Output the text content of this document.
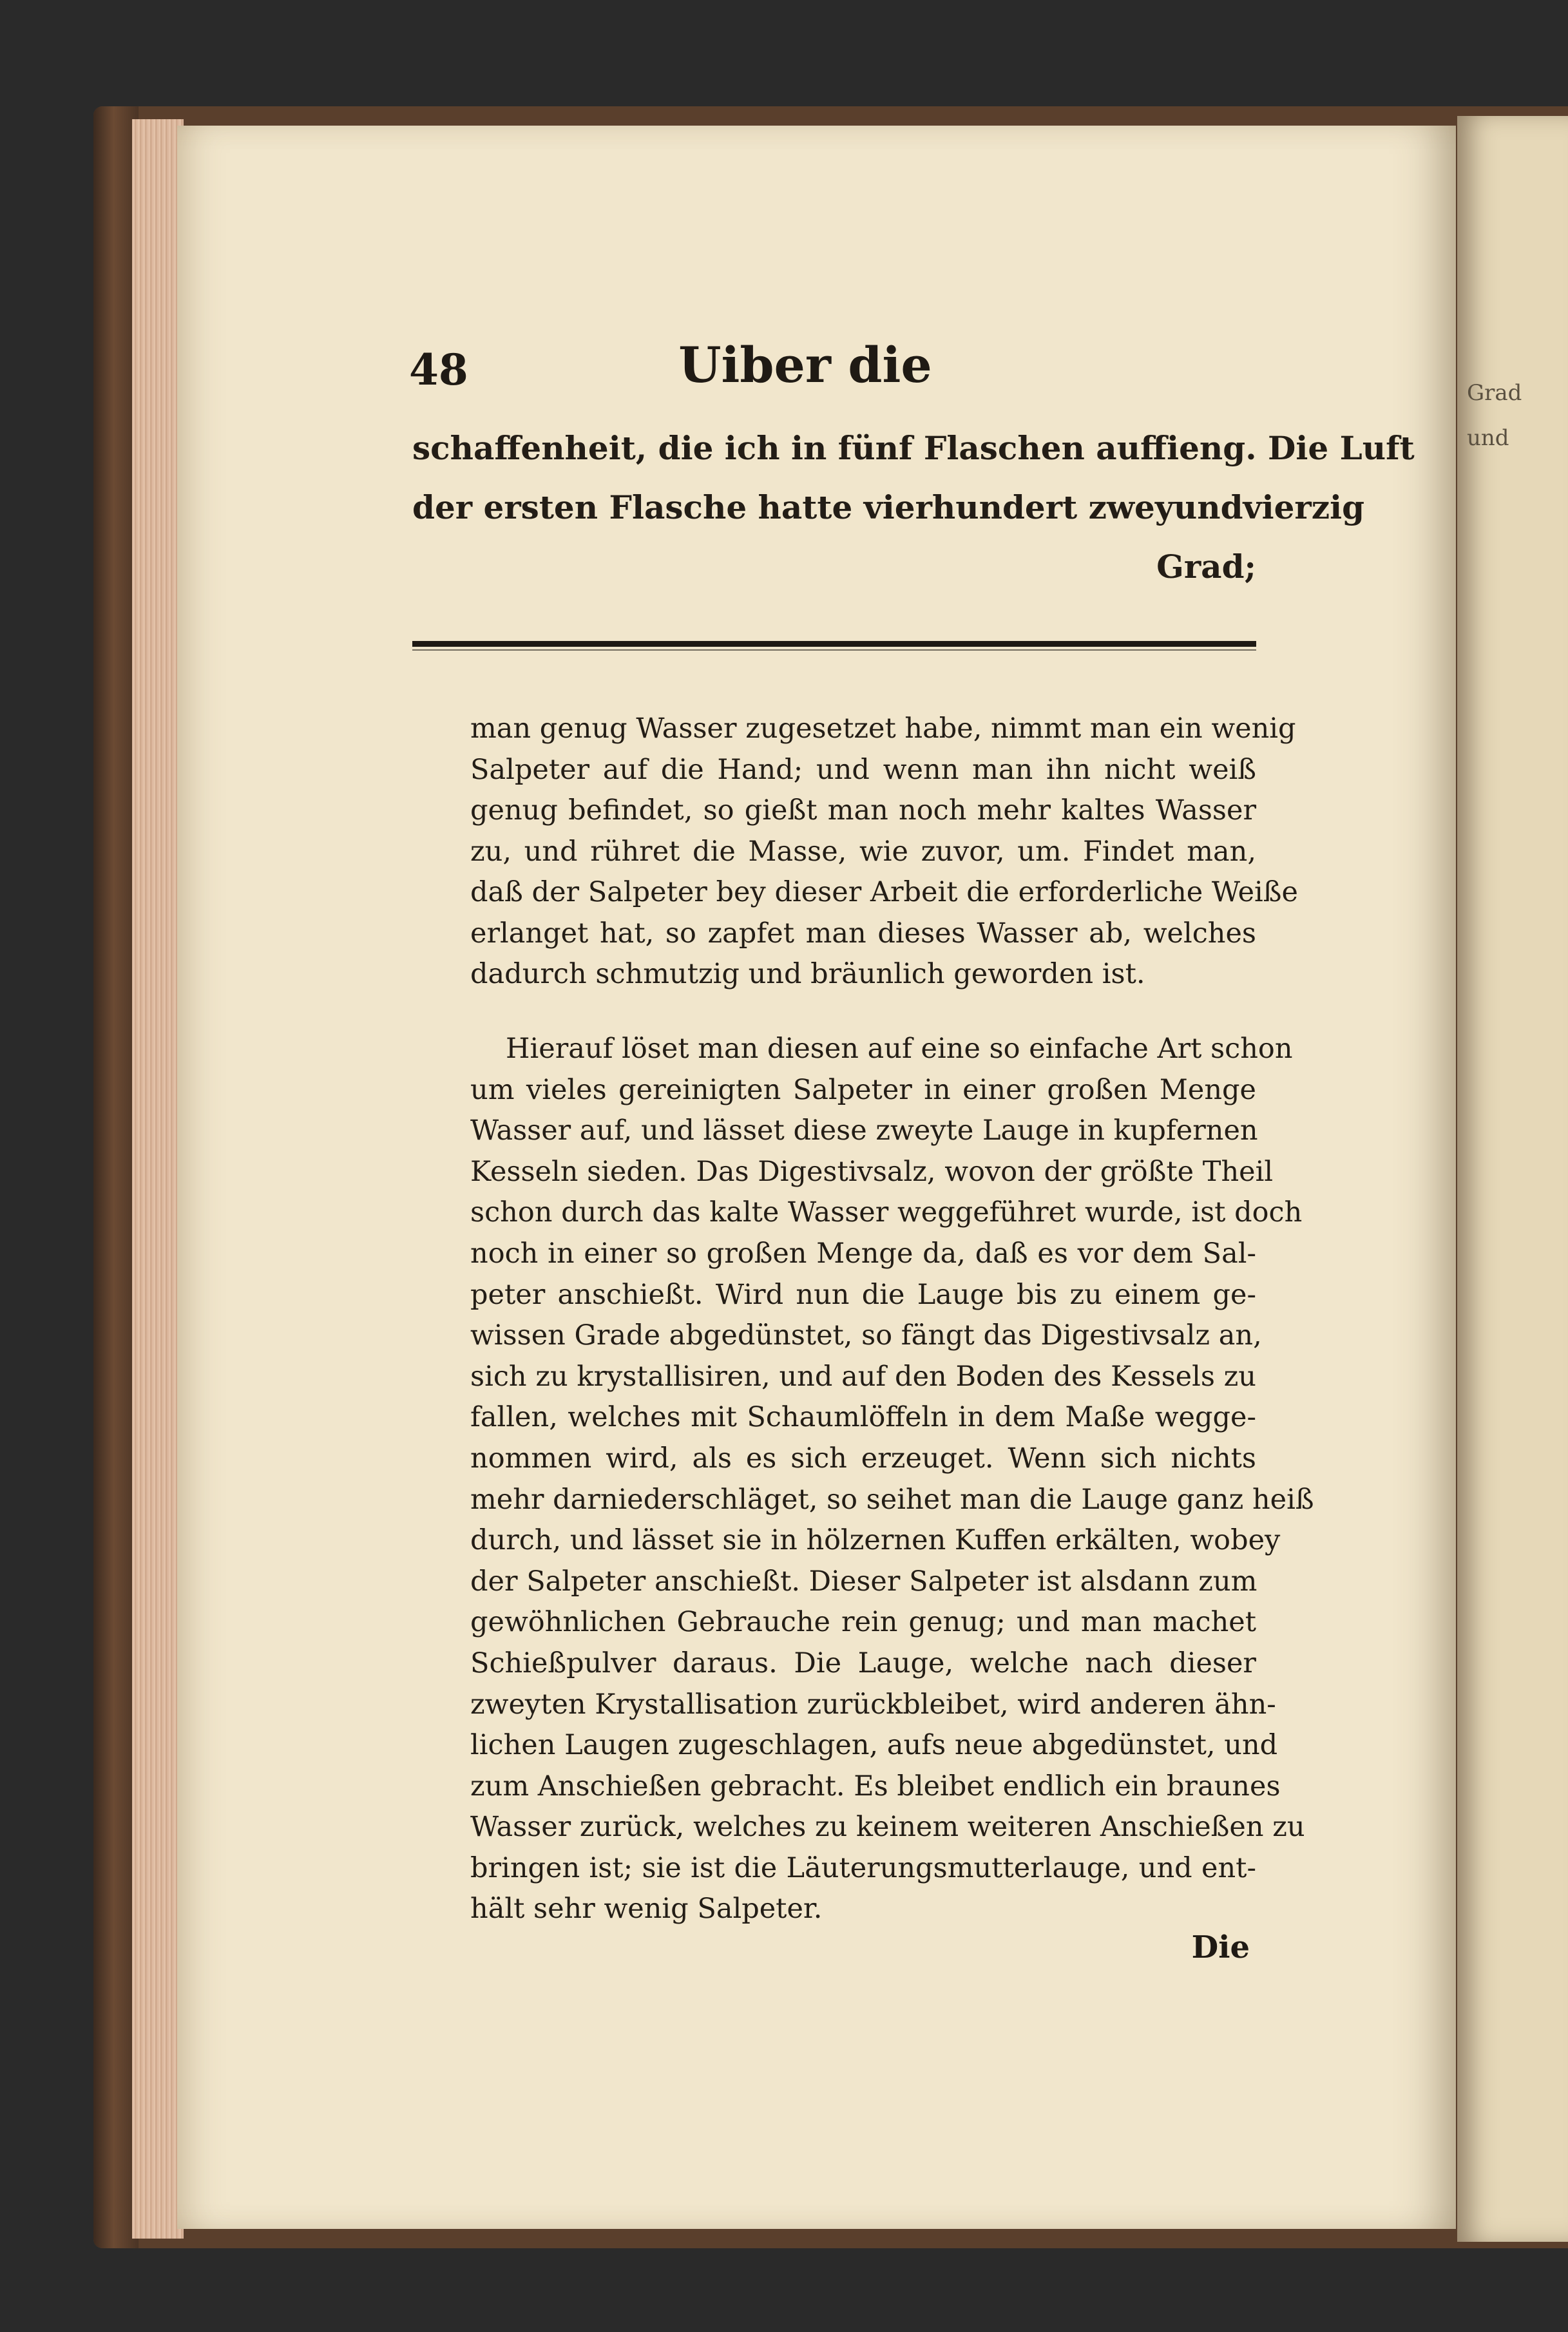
Grad
und
48	Uiber die
schaffenheit, die ich in fünf Flaschen auffieng. Die Luft
der ersten Flasche hatte vierhundert zweyundvierzig
Grad;
man genug Wasser zugesetzet habe, nimmt man ein wenig
Salpeter auf die Hand; und wenn man ihn nicht weiß
genug befindet, so gießt man noch mehr kaltes Wasser
zu, und rühret die Masse, wie zuvor, um. Findet man,
daß der Salpeter bey dieser Arbeit die erforderliche Weiße
erlanget hat, so zapfet man dieses Wasser ab, welches
dadurch schmutzig und bräunlich geworden ist.
Hierauf löset man diesen auf eine so einfache Art schon
um vieles gereinigten Salpeter in einer großen Menge
Wasser auf, und lässet diese zweyte Lauge in kupfernen
Kesseln sieden. Das Digestivsalz, wovon der größte Theil
schon durch das kalte Wasser weggeführet wurde, ist doch
noch in einer so großen Menge da, daß es vor dem Sal-
peter anschießt. Wird nun die Lauge bis zu einem ge-
wissen Grade abgedünstet, so fängt das Digestivsalz an,
sich zu krystallisiren, und auf den Boden des Kessels zu
fallen, welches mit Schaumlöffeln in dem Maße wegge-
nommen wird, als es sich erzeuget. Wenn sich nichts
mehr darniederschläget, so seihet man die Lauge ganz heiß
durch, und lässet sie in hölzernen Kuffen erkälten, wobey
der Salpeter anschießt. Dieser Salpeter ist alsdann zum
gewöhnlichen Gebrauche rein genug; und man machet
Schießpulver daraus. Die Lauge, welche nach dieser
zweyten Krystallisation zurückbleibet, wird anderen ähn-
lichen Laugen zugeschlagen, aufs neue abgedünstet, und
zum Anschießen gebracht. Es bleibet endlich ein braunes
Wasser zurück, welches zu keinem weiteren Anschießen zu
bringen ist; sie ist die Läuterungsmutterlauge, und ent-
hält sehr wenig Salpeter.
Die
